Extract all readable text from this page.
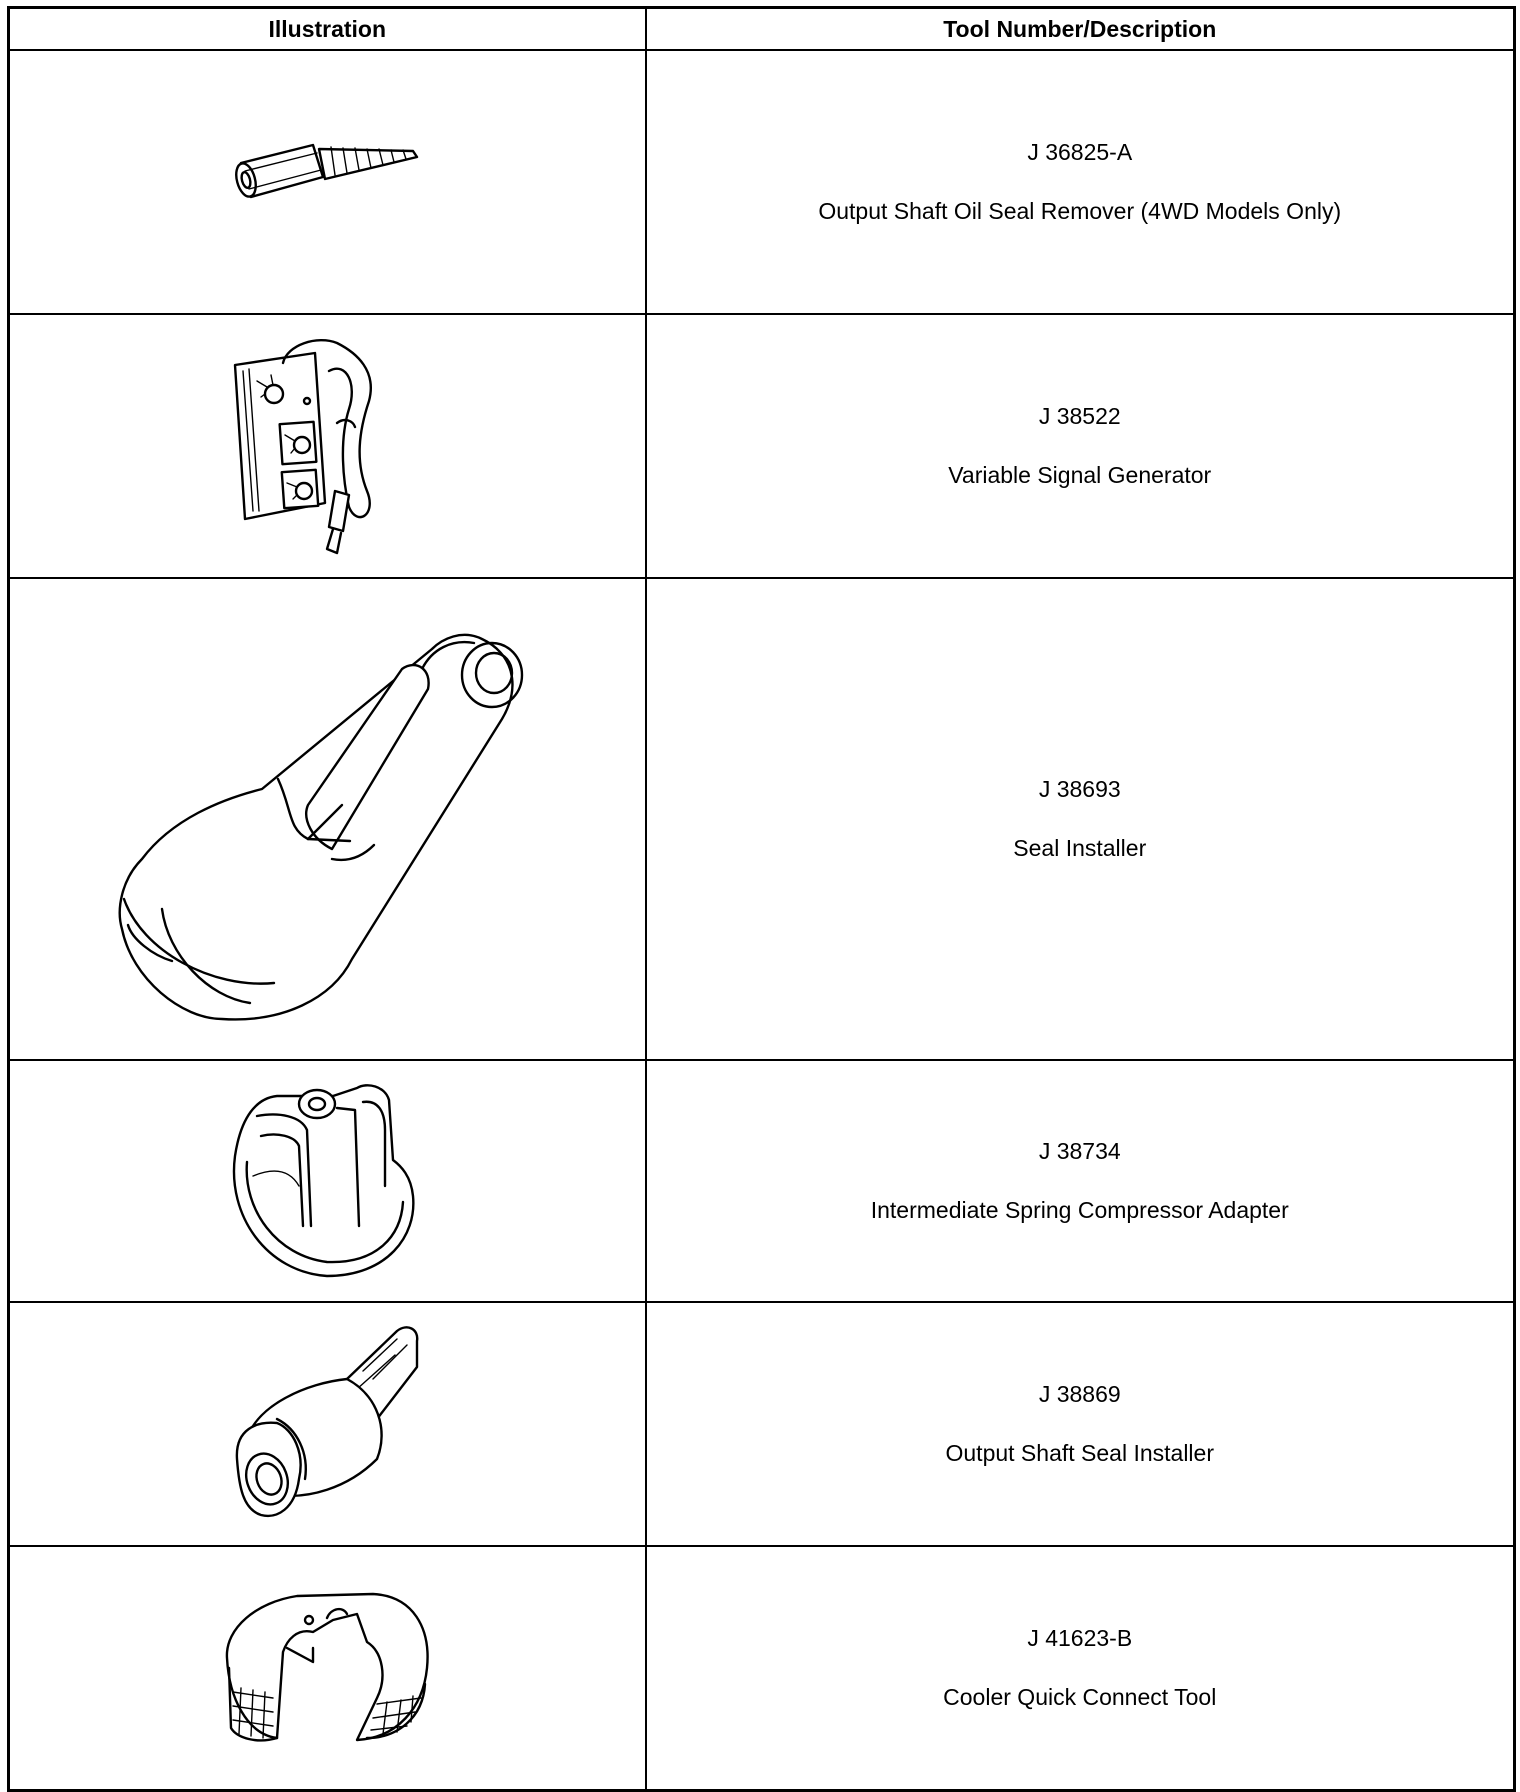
Illustration	Tool Number/Description

J 36825-A
Output Shaft Oil Seal Remover (4WD Models Only)

J 38522
Variable Signal Generator

J 38693
Seal Installer

J 38734
Intermediate Spring Compressor Adapter

J 38869
Output Shaft Seal Installer

J 41623-B
Cooler Quick Connect Tool
